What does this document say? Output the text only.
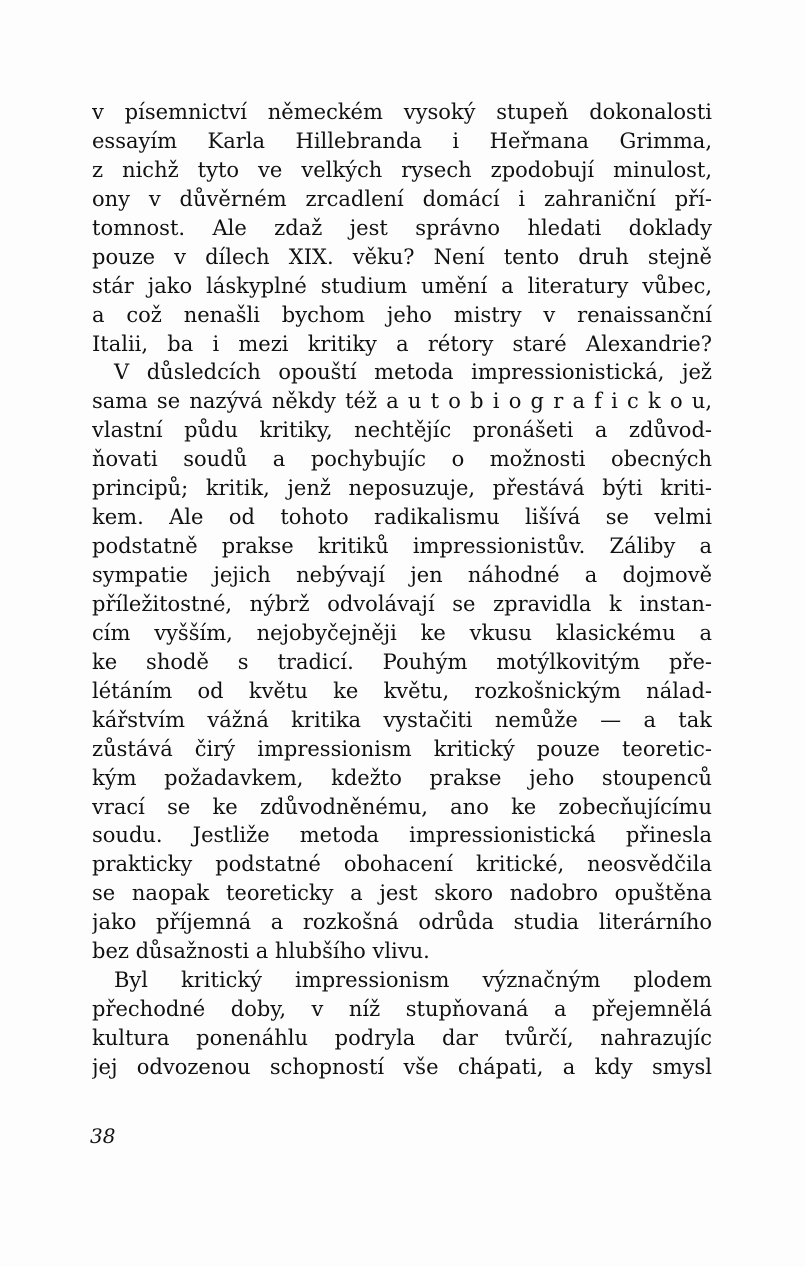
v písemnictví německém vysoký stupeň dokonalosti
essayím Karla Hillebranda i Heřmana Grimma,
z nichž tyto ve velkých rysech zpodobují minulost,
ony v důvěrném zrcadlení domácí i zahraniční pří-
tomnost. Ale zdaž jest správno hledati doklady
pouze v dílech XIX. věku? Není tento druh stejně
stár jako láskyplné studium umění a literatury vůbec,
a což nenašli bychom jeho mistry v renaissanční
Italii, ba i mezi kritiky a rétory staré Alexandrie?
V důsledcích opouští metoda impressionistická, jež
sama se nazývá někdy též a u t o b i o g r a f i c k o u,
vlastní půdu kritiky, nechtějíc pronášeti a zdůvod-
ňovati soudů a pochybujíc o možnosti obecných
principů; kritik, jenž neposuzuje, přestává býti kriti-
kem. Ale od tohoto radikalismu lišívá se velmi
podstatně prakse kritiků impressionistův. Záliby a
sympatie jejich nebývají jen náhodné a dojmově
příležitostné, nýbrž odvolávají se zpravidla k instan-
cím vyšším, nejobyčejněji ke vkusu klasickému a
ke shodě s tradicí. Pouhým motýlkovitým pře-
létáním od květu ke květu, rozkošnickým nálad-
kářstvím vážná kritika vystačiti nemůže — a tak
zůstává čirý impressionism kritický pouze teoretic-
kým požadavkem, kdežto prakse jeho stoupenců
vrací se ke zdůvodněnému, ano ke zobecňujícímu
soudu. Jestliže metoda impressionistická přinesla
prakticky podstatné obohacení kritické, neosvědčila
se naopak teoreticky a jest skoro nadobro opuštěna
jako příjemná a rozkošná odrůda studia literárního
bez důsažnosti a hlubšího vlivu.
Byl kritický impressionism význačným plodem
přechodné doby, v níž stupňovaná a přejemnělá
kultura ponenáhlu podryla dar tvůrčí, nahrazujíc
jej odvozenou schopností vše chápati, a kdy smysl
38
